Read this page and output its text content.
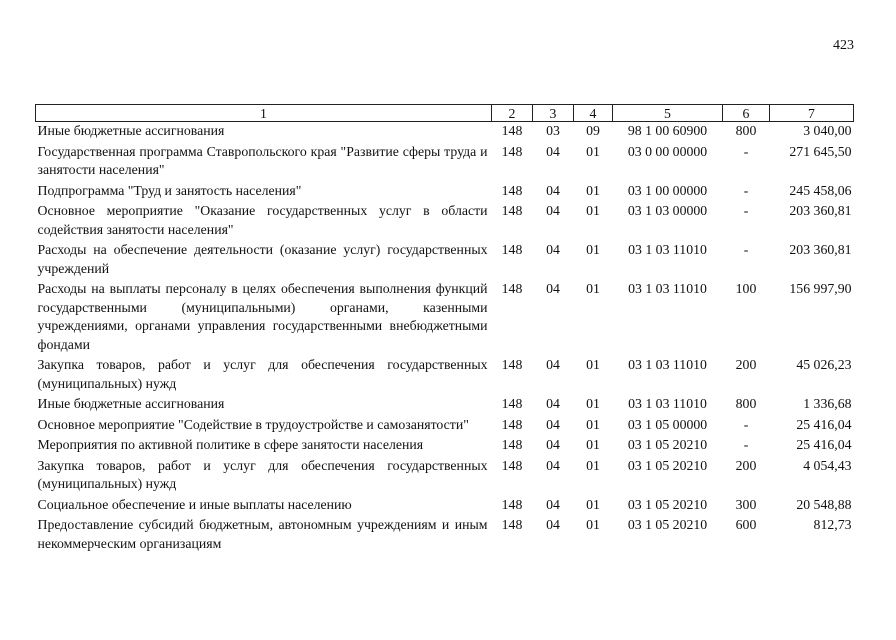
423
1	2	3	4	5	6	7
Иные бюджетные ассигнования	148	03	09	98 1 00 60900	800	3 040,00
Государственная программа Ставропольского края "Развитие сферы труда и занятости населения"	148	04	01	03 0 00 00000	-	271 645,50
Подпрограмма "Труд и занятость населения"	148	04	01	03 1 00 00000	-	245 458,06
Основное мероприятие "Оказание государственных услуг в области содействия занятости населения"	148	04	01	03 1 03 00000	-	203 360,81
Расходы на обеспечение деятельности (оказание услуг) государственных учреждений	148	04	01	03 1 03 11010	-	203 360,81
Расходы на выплаты персоналу в целях обеспечения выполнения функций государственными (муниципальными) органами, казенными учреждениями, органами управления государственными внебюджетными фондами	148	04	01	03 1 03 11010	100	156 997,90
Закупка товаров, работ и услуг для обеспечения государственных (муниципальных) нужд	148	04	01	03 1 03 11010	200	45 026,23
Иные бюджетные ассигнования	148	04	01	03 1 03 11010	800	1 336,68
Основное мероприятие "Содействие в трудоустройстве и самозанятости"	148	04	01	03 1 05 00000	-	25 416,04
Мероприятия по активной политике в сфере занятости населения	148	04	01	03 1 05 20210	-	25 416,04
Закупка товаров, работ и услуг для обеспечения государственных (муниципальных) нужд	148	04	01	03 1 05 20210	200	4 054,43
Социальное обеспечение и иные выплаты населению	148	04	01	03 1 05 20210	300	20 548,88
Предоставление субсидий бюджетным, автономным учреждениям и иным некоммерческим организациям	148	04	01	03 1 05 20210	600	812,73
